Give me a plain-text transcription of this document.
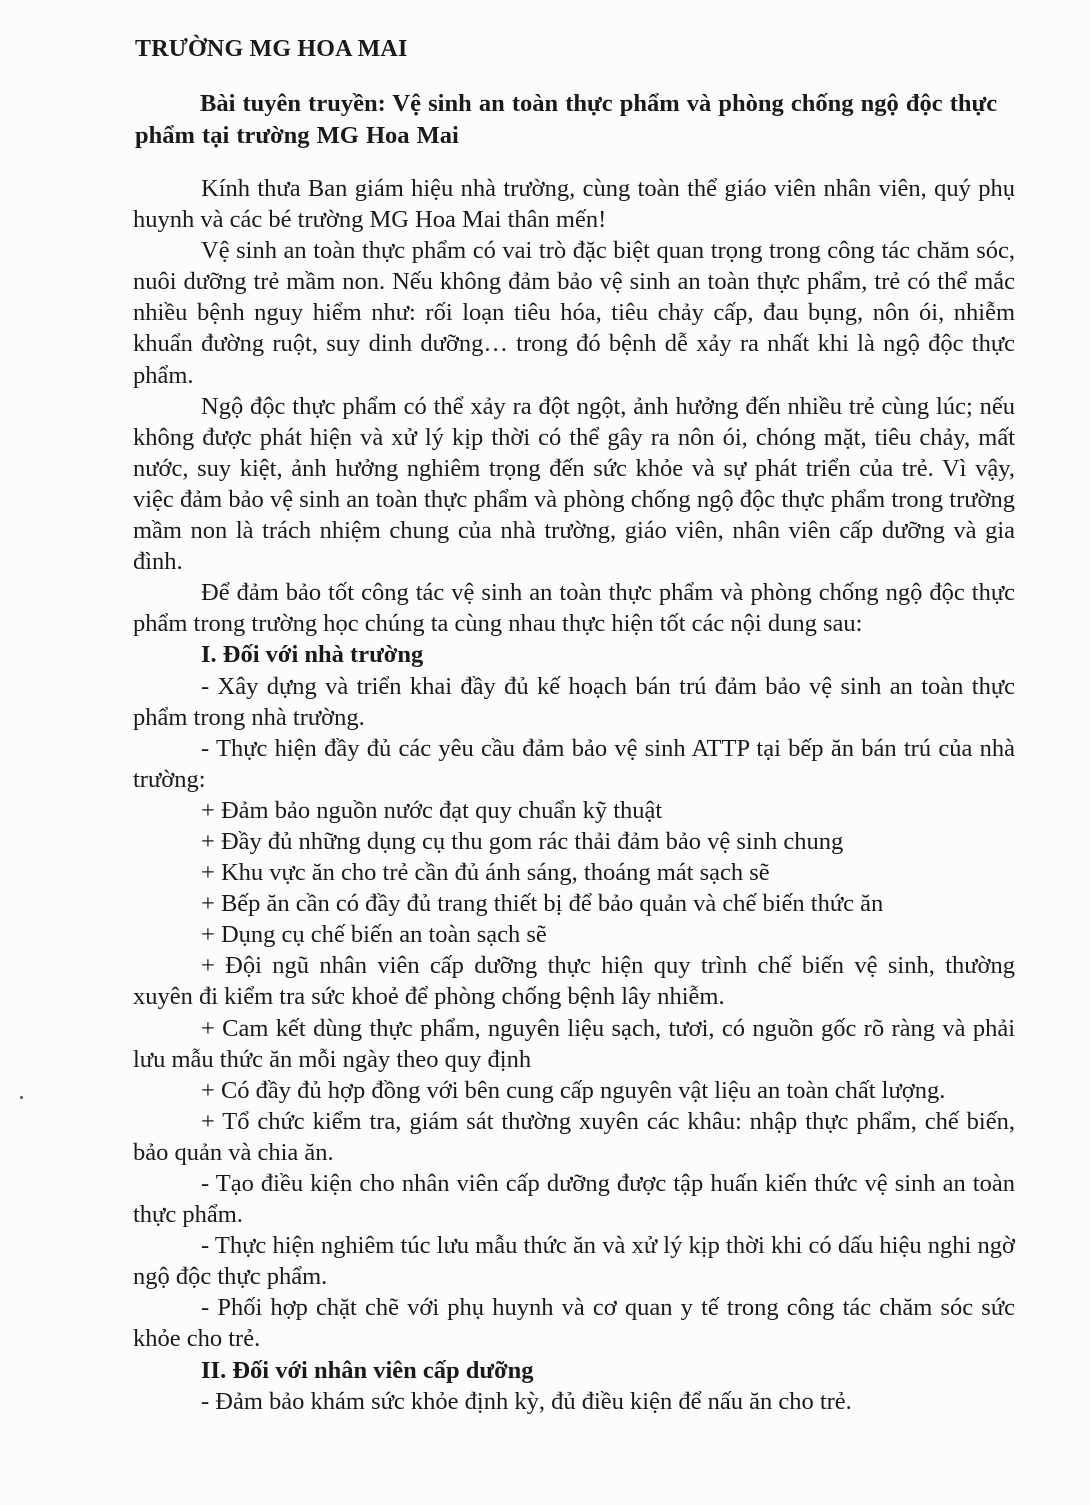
TRƯỜNG MG HOA MAI
Bài tuyên truyền: Vệ sinh an toàn thực phẩm và phòng chống ngộ độc thực phẩm tại trường MG Hoa Mai

Kính thưa Ban giám hiệu nhà trường, cùng toàn thể giáo viên nhân viên, quý phụ huynh và các bé trường MG Hoa Mai thân mến!

Vệ sinh an toàn thực phẩm có vai trò đặc biệt quan trọng trong công tác chăm sóc, nuôi dưỡng trẻ mầm non. Nếu không đảm bảo vệ sinh an toàn thực phẩm, trẻ có thể mắc nhiều bệnh nguy hiểm như: rối loạn tiêu hóa, tiêu chảy cấp, đau bụng, nôn ói, nhiễm khuẩn đường ruột, suy dinh dưỡng… trong đó bệnh dễ xảy ra nhất khi là ngộ độc thực phẩm.

Ngộ độc thực phẩm có thể xảy ra đột ngột, ảnh hưởng đến nhiều trẻ cùng lúc; nếu không được phát hiện và xử lý kịp thời có thể gây ra nôn ói, chóng mặt, tiêu chảy, mất nước, suy kiệt, ảnh hưởng nghiêm trọng đến sức khỏe và sự phát triển của trẻ. Vì vậy, việc đảm bảo vệ sinh an toàn thực phẩm và phòng chống ngộ độc thực phẩm trong trường mầm non là trách nhiệm chung của nhà trường, giáo viên, nhân viên cấp dưỡng và gia đình.

Để đảm bảo tốt công tác vệ sinh an toàn thực phẩm và phòng chống ngộ độc thực phẩm trong trường học chúng ta cùng nhau thực hiện tốt các nội dung sau:

I. Đối với nhà trường

- Xây dựng và triển khai đầy đủ kế hoạch bán trú đảm bảo vệ sinh an toàn thực phẩm trong nhà trường.

- Thực hiện đầy đủ các yêu cầu đảm bảo vệ sinh ATTP tại bếp ăn bán trú của nhà trường:

+ Đảm bảo nguồn nước đạt quy chuẩn kỹ thuật

+ Đầy đủ những dụng cụ thu gom rác thải đảm bảo vệ sinh chung

+ Khu vực ăn cho trẻ cần đủ ánh sáng, thoáng mát sạch sẽ

+ Bếp ăn cần có đầy đủ trang thiết bị để bảo quản và chế biến thức ăn

+ Dụng cụ chế biến an toàn sạch sẽ

+ Đội ngũ nhân viên cấp dưỡng thực hiện quy trình chế biến vệ sinh, thường xuyên đi kiểm tra sức khoẻ để phòng chống bệnh lây nhiễm.

+ Cam kết dùng thực phẩm, nguyên liệu sạch, tươi, có nguồn gốc rõ ràng và phải lưu mẫu thức ăn mỗi ngày theo quy định

+ Có đầy đủ hợp đồng với bên cung cấp nguyên vật liệu an toàn chất lượng.

+ Tổ chức kiểm tra, giám sát thường xuyên các khâu: nhập thực phẩm, chế biến, bảo quản và chia ăn.

- Tạo điều kiện cho nhân viên cấp dưỡng được tập huấn kiến thức vệ sinh an toàn thực phẩm.

- Thực hiện nghiêm túc lưu mẫu thức ăn và xử lý kịp thời khi có dấu hiệu nghi ngờ ngộ độc thực phẩm.

- Phối hợp chặt chẽ với phụ huynh và cơ quan y tế trong công tác chăm sóc sức khỏe cho trẻ.

II. Đối với nhân viên cấp dưỡng

- Đảm bảo khám sức khỏe định kỳ, đủ điều kiện để nấu ăn cho trẻ.
